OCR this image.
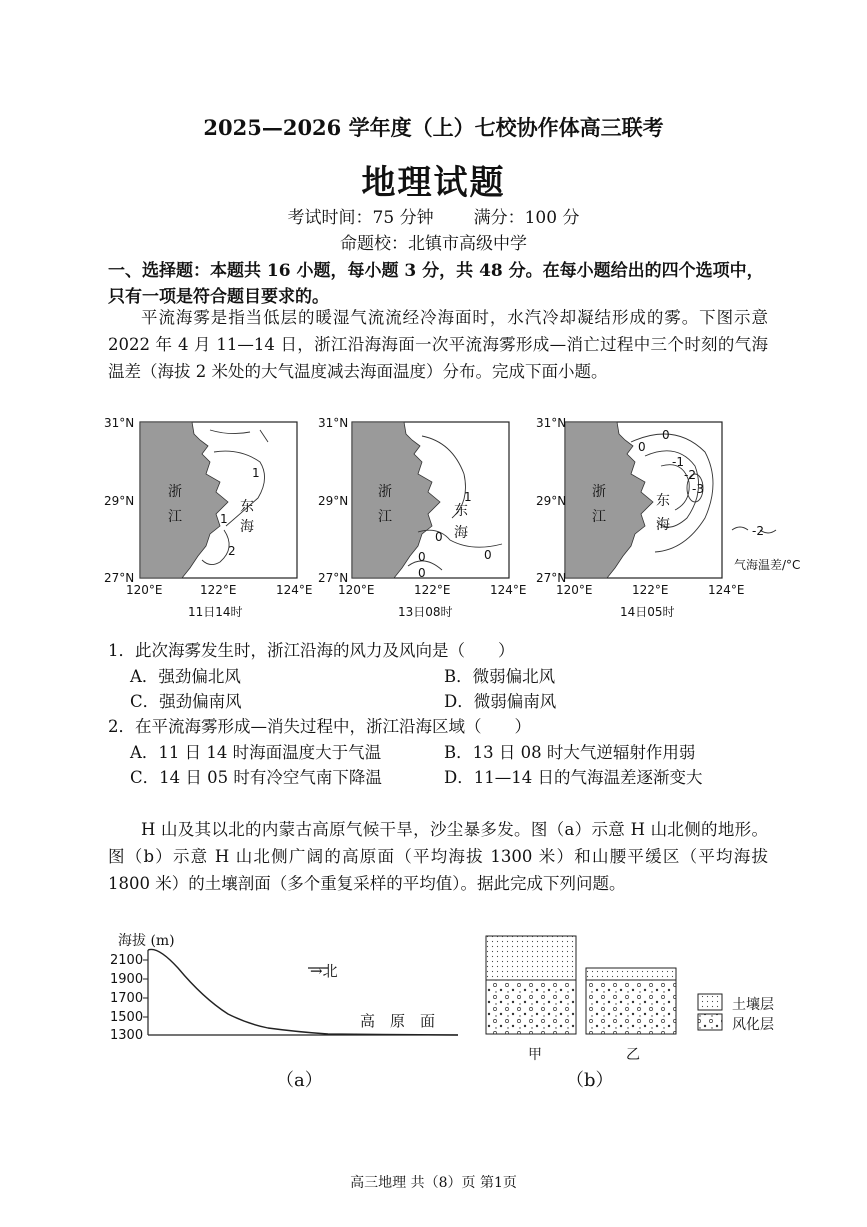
2025—2026 学年度（上）七校协作体高三联考
地理试题
考试时间：75 分钟 满分：100 分
命题校：北镇市高级中学
一、选择题：本题共 16 小题，每小题 3 分，共 48 分。在每小题给出的四个选项中，只有一项是符合题目要求的。
平流海雾是指当低层的暖湿气流流经冷海面时，水汽冷却凝结形成的雾。下图示意 2022 年 4 月 11—14 日，浙江沿海海面一次平流海雾形成—消亡过程中三个时刻的气海温差（海拔 2 米处的大气温度减去海面温度）分布。完成下面小题。
31°N
29°N
27°N
120°E	122°E	124°E
浙
江
东
海
1
2
1
11日14时
31°N
29°N
27°N
120°E	122°E	124°E
浙
江	东
海
1
0
0	0
0
13日08时
31°N
29°N
27°N
120°E	122°E	124°E
浙
江
东
海
0
-1
-2
-3
0
14日05时
-2
气海温差/°C
1．此次海雾发生时，浙江沿海的风力及风向是（　　）
A．强劲偏北风	B．微弱偏北风
C．强劲偏南风	D．微弱偏南风
2．在平流海雾形成—消失过程中，浙江沿海区域（　　）
A．11 日 14 时海面温度大于气温	B．13 日 08 时大气逆辐射作用弱
C．14 日 05 时有冷空气南下降温	D．11—14 日的气海温差逐渐变大
H 山及其以北的内蒙古高原气候干旱，沙尘暴多发。图（a）示意 H 山北侧的地形。图（b）示意 H 山北侧广阔的高原面（平均海拔 1300 米）和山腰平缓区（平均海拔 1800 米）的土壤剖面（多个重复采样的平均值）。据此完成下列问题。
海拔 (m)
2100
1900
1700
1500
1300
→北
高　原　面
（a）
甲	乙
土壤层
风化层
（b）
高三地理 共（8）页 第1页
